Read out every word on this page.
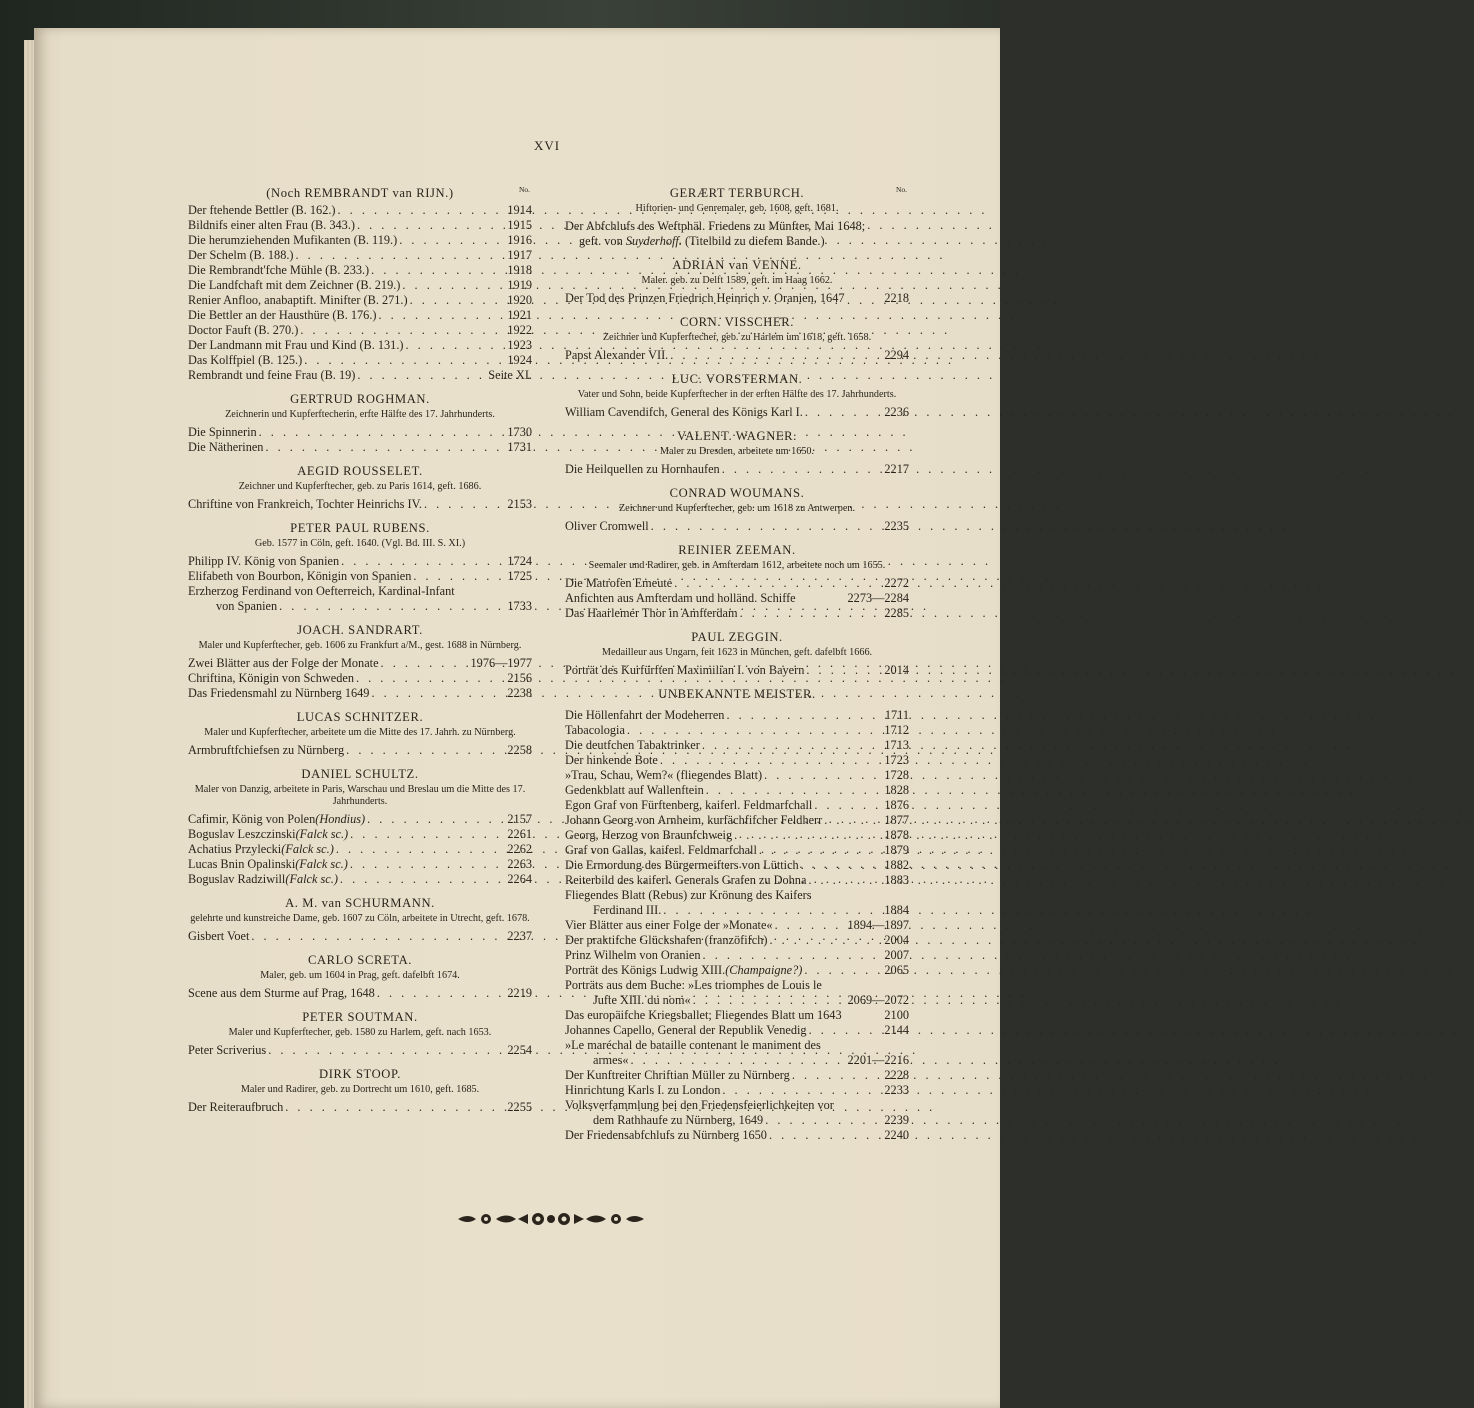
XVI
(Noch REMBRANDT van RIJN.)	No.
Der ftehende Bettler (B. 162.) . . .	1914
Bildnifs einer alten Frau (B. 343.) . . .	1915
Die herumziehenden Mufikanten (B. 119.) . . .	1916
Der Schelm (B. 188.) . . .	1917
Die Rembrandt'fche Mühle (B. 233.) . . .	1918
Die Landfchaft mit dem Zeichner (B. 219.) . . .	1919
Renier Anfloo, anabaptift. Minifter (B. 271.) . . .	1920
Die Bettler an der Hausthüre (B. 176.) . . .	1921
Doctor Fauft (B. 270.) . . .	1922
Der Landmann mit Frau und Kind (B. 131.) . . .	1923
Das Kolffpiel (B. 125.) . . .	1924
Rembrandt und feine Frau (B. 19) . . .	Seite XI.
GERTRUD ROGHMAN.
Zeichnerin und Kupferftecherin, erfte Hälfte des 17. Jahrhunderts.
Die Spinnerin . . .	1730
Die Nätherinen . . .	1731
AEGID ROUSSELET.
Zeichner und Kupferftecher, geb. zu Paris 1614, geft. 1686.
Chriftine von Frankreich, Tochter Heinrichs IV. . . .	2153
PETER PAUL RUBENS.
Geb. 1577 in Cöln, geft. 1640. (Vgl. Bd. III. S. XI.)
Philipp IV. König von Spanien . . .	1724
Elifabeth von Bourbon, Königin von Spanien . . .	1725
Erzherzog Ferdinand von Oefterreich, Kardinal-Infant
von Spanien . . .	1733
JOACH. SANDRART.
Maler und Kupferftecher, geb. 1606 zu Frankfurt a/M., gest. 1688 in Nürnberg.
Zwei Blätter aus der Folge der Monate . . .	1976—1977
Chriftina, Königin von Schweden . . .	2156
Das Friedensmahl zu Nürnberg 1649 . . .	2238
LUCAS SCHNITZER.
Maler und Kupferftecher, arbeitete um die Mitte des 17. Jahrh. zu Nürnberg.
Armbruftfchiefsen zu Nürnberg . . .	2258
DANIEL SCHULTZ.
Maler von Danzig, arbeitete in Paris, Warschau und Breslau um die Mitte des 17. Jahrhunderts.
Cafimir, König von Polen (Hondius) . . .	2157
Boguslav Leszczinski (Falck sc.) . . .	2261
Achatius Przylecki (Falck sc.) . . .	2262
Lucas Bnin Opalinski (Falck sc.) . . .	2263
Boguslav Radziwill (Falck sc.) . . .	2264
A. M. van SCHURMANN.
gelehrte und kunstreiche Dame, geb. 1607 zu Cöln, arbeitete in Utrecht, geft. 1678.
Gisbert Voet . . .	2237
CARLO SCRETA.
Maler, geb. um 1604 in Prag, geft. dafelbft 1674.
Scene aus dem Sturme auf Prag, 1648 . . .	2219
PETER SOUTMAN.
Maler und Kupferftecher, geb. 1580 zu Harlem, geft. nach 1653.
Peter Scriverius . . .	2254
DIRK STOOP.
Maler und Radirer, geb. zu Dortrecht um 1610, geft. 1685.
Der Reiteraufbruch . . .	2255
GERÆRT TERBURCH.	No.
Hiftorien- und Genremaler, geb. 1608, geft. 1681.
Der Abfchlufs des Weftphäl. Friedens zu Münfter, Mai 1648;
geft. von Suyderhoff. (Titelbild zu diefem Bande.)
ADRIAN van VENNE.
Maler. geb. zu Delft 1589, geft. im Haag 1662.
Der Tod des Prinzen Friedrich Heinrich v. Oranien, 1647	2218
CORN. VISSCHER.
Zeichner und Kupferftecher, geb. zu Harlem um 1618, geft. 1658.
Papst Alexander VII. . . .	2294
LUC. VORSTERMAN.
Vater und Sohn, beide Kupferftecher in der erften Hälfte des 17. Jahrhunderts.
William Cavendifch, General des Königs Karl I. . . .	2236
VALENT. WAGNER.
Maler zu Dresden, arbeitete um 1650.
Die Heilquellen zu Hornhaufen . . .	2217
CONRAD WOUMANS.
Zeichner und Kupferftecher, geb. um 1618 zu Antwerpen.
Oliver Cromwell . . .	2235
REINIER ZEEMAN.
Seemaler und Radirer, geb. in Amfterdam 1612, arbeitete noch um 1655.
Die Matrofen Emeute . . .	2272
Anfichten aus Amfterdam und holländ. Schiffe	2273—2284
Das Haarlemer Thor in Amfterdam . . .	2285
PAUL ZEGGIN.
Medailleur aus Ungarn, feit 1623 in München, geft. dafelbft 1666.
Porträt des Kurfürften Maximilian I. von Bayern . . .	2014
UNBEKANNTE MEISTER.
Die Höllenfahrt der Modeherren . . .	1711
Tabacologia . . .	1712
Die deutfchen Tabaktrinker . . .	1713
Der hinkende Bote . . .	1723
»Trau, Schau, Wem?« (fliegendes Blatt) . . .	1728
Gedenkblatt auf Wallenftein . . .	1828
Egon Graf von Fürftenberg, kaiferl. Feldmarfchall . . .	1876
Johann Georg von Arnheim, kurfächfifcher Feldherr . . .	1877
Georg, Herzog von Braunfchweig . . .	1878
Graf von Gallas, kaiferl. Feldmarfchall . . .	1879
Die Ermordung des Bürgermeifters von Lüttich . . .	1882
Reiterbild des kaiferl. Generals Grafen zu Dohna . . .	1883
Fliegendes Blatt (Rebus) zur Krönung des Kaifers
Ferdinand III. . . .	1884
Vier Blätter aus einer Folge der »Monate« . . .	1894—1897
Der praktifche Glückshafen (franzöfifch) . . .	2004
Prinz Wilhelm von Oranien . . .	2007
Porträt des Königs Ludwig XIII. (Champaigne?) . . .	2065
Porträts aus dem Buche: »Les triomphes de Louis le
Jufte XIII. du nom« . . .	2069—2072
Das europäifche Kriegsballet; Fliegendes Blatt um 1643	2100
Johannes Capello, General der Republik Venedig . . .	2144
»Le maréchal de bataille contenant le maniment des
armes« . . .	2201—2216
Der Kunftreiter Chriftian Müller zu Nürnberg . . .	2228
Hinrichtung Karls I. zu London . . .	2233
Volksverfammlung bei den Friedensfeierlichkeiten vor
dem Rathhaufe zu Nürnberg, 1649 . . .	2239
Der Friedensabfchlufs zu Nürnberg 1650 . . .	2240
